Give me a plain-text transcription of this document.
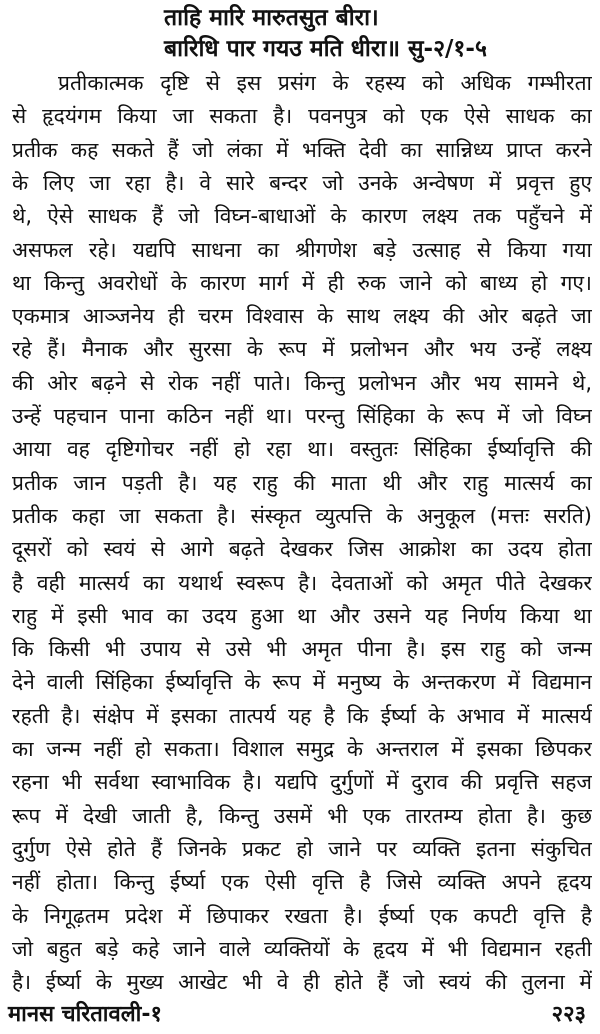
ताहि मारि मारुतसुत बीरा।
बारिधि पार गयउ मति धीरा॥ सु-२/१-५
प्रतीकात्मक दृष्टि से इस प्रसंग के रहस्य को अधिक गम्भीरता
से हृदयंगम किया जा सकता है। पवनपुत्र को एक ऐसे साधक का
प्रतीक कह सकते हैं जो लंका में भक्ति देवी का सान्निध्य प्राप्त करने
के लिए जा रहा है। वे सारे बन्दर जो उनके अन्वेषण में प्रवृत्त हुए
थे, ऐसे साधक हैं जो विघ्न-बाधाओं के कारण लक्ष्य तक पहुँचने में
असफल रहे। यद्यपि साधना का श्रीगणेश बड़े उत्साह से किया गया
था किन्तु अवरोधों के कारण मार्ग में ही रुक जाने को बाध्य हो गए।
एकमात्र आञ्जनेय ही चरम विश्वास के साथ लक्ष्य की ओर बढ़ते जा
रहे हैं। मैनाक और सुरसा के रूप में प्रलोभन और भय उन्हें लक्ष्य
की ओर बढ़ने से रोक नहीं पाते। किन्तु प्रलोभन और भय सामने थे,
उन्हें पहचान पाना कठिन नहीं था। परन्तु सिंहिका के रूप में जो विघ्न
आया वह दृष्टिगोचर नहीं हो रहा था। वस्तुतः सिंहिका ईर्ष्यावृत्ति की
प्रतीक जान पड़ती है। यह राहु की माता थी और राहु मात्सर्य का
प्रतीक कहा जा सकता है। संस्कृत व्युत्पत्ति के अनुकूल (मत्तः सरति)
दूसरों को स्वयं से आगे बढ़ते देखकर जिस आक्रोश का उदय होता
है वही मात्सर्य का यथार्थ स्वरूप है। देवताओं को अमृत पीते देखकर
राहु में इसी भाव का उदय हुआ था और उसने यह निर्णय किया था
कि किसी भी उपाय से उसे भी अमृत पीना है। इस राहु को जन्म
देने वाली सिंहिका ईर्ष्यावृत्ति के रूप में मनुष्य के अन्तकरण में विद्यमान
रहती है। संक्षेप में इसका तात्पर्य यह है कि ईर्ष्या के अभाव में मात्सर्य
का जन्म नहीं हो सकता। विशाल समुद्र के अन्तराल में इसका छिपकर
रहना भी सर्वथा स्वाभाविक है। यद्यपि दुर्गुणों में दुराव की प्रवृत्ति सहज
रूप में देखी जाती है, किन्तु उसमें भी एक तारतम्य होता है। कुछ
दुर्गुण ऐसे होते हैं जिनके प्रकट हो जाने पर व्यक्ति इतना संकुचित
नहीं होता। किन्तु ईर्ष्या एक ऐसी वृत्ति है जिसे व्यक्ति अपने हृदय
के निगूढ़तम प्रदेश में छिपाकर रखता है। ईर्ष्या एक कपटी वृत्ति है
जो बहुत बड़े कहे जाने वाले व्यक्तियों के हृदय में भी विद्यमान रहती
है। ईर्ष्या के मुख्य आखेट भी वे ही होते हैं जो स्वयं की तुलना में
मानस चरितावली-१	२२३
